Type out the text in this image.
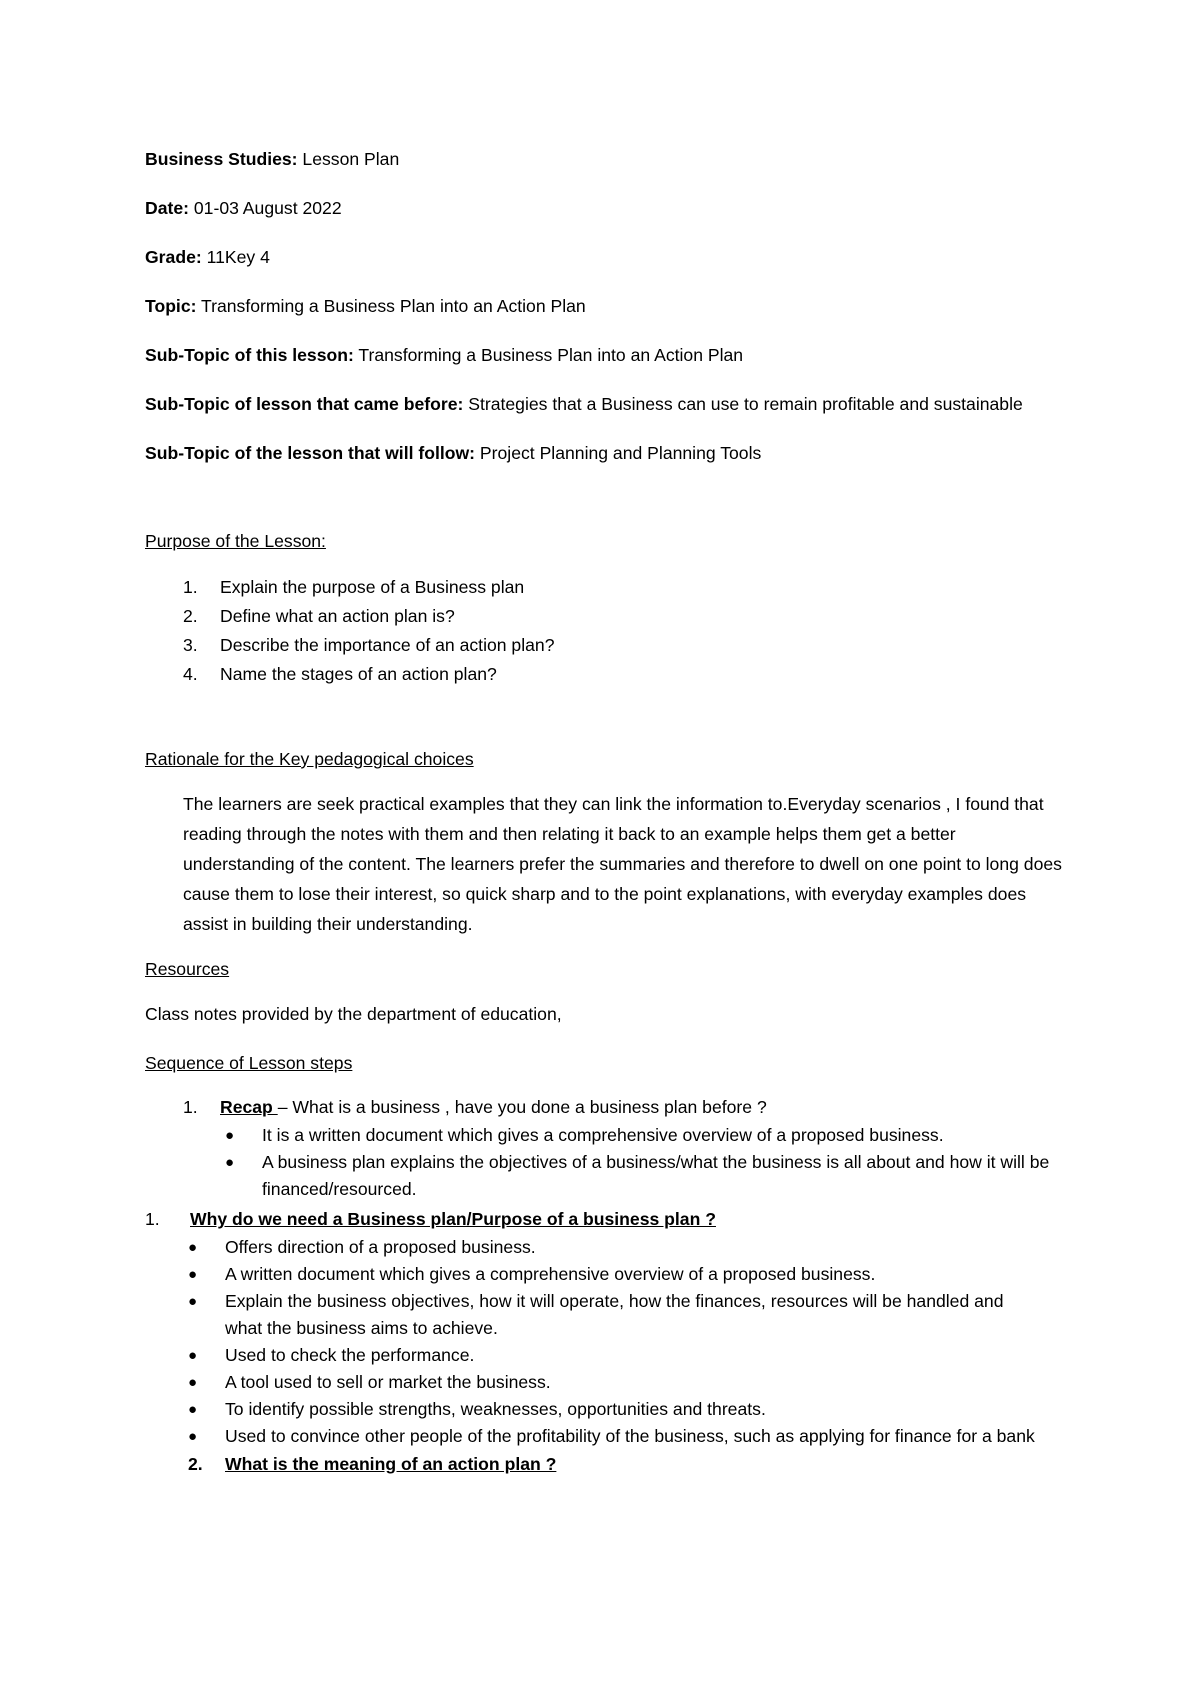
Business Studies: Lesson Plan

Date: 01-03 August 2022

Grade: 11Key 4

Topic: Transforming a Business Plan into an Action Plan

Sub-Topic of this lesson: Transforming a Business Plan into an Action Plan

Sub-Topic of lesson that came before: Strategies that a Business can use to remain profitable and sustainable

Sub-Topic of the lesson that will follow: Project Planning and Planning Tools

Purpose of the Lesson:

1. Explain the purpose of a Business plan
2. Define what an action plan is?
3. Describe the importance of an action plan?
4. Name the stages of an action plan?

Rationale for the Key pedagogical choices

The learners are seek practical examples that they can link the information to.Everyday scenarios , I found that reading through the notes with them and then relating it back to an example helps them get a better understanding of the content. The learners prefer the summaries and therefore to dwell on one point to long does cause them to lose their interest, so quick sharp and to the point explanations, with everyday examples does assist in building their understanding.

Resources

Class notes provided by the department of education,

Sequence of Lesson steps

1. Recap – What is a business , have you done a business plan before ?
● It is a written document which gives a comprehensive overview of a proposed business.
● A business plan explains the objectives of a business/what the business is all about and how it will be financed/resourced.
1. Why do we need a Business plan/Purpose of a business plan ?
● Offers direction of a proposed business.
● A written document which gives a comprehensive overview of a proposed business.
● Explain the business objectives, how it will operate, how the finances, resources will be handled and what the business aims to achieve.
● Used to check the performance.
● A tool used to sell or market the business.
● To identify possible strengths, weaknesses, opportunities and threats.
● Used to convince other people of the profitability of the business, such as applying for finance for a bank
2. What is the meaning of an action plan ?
